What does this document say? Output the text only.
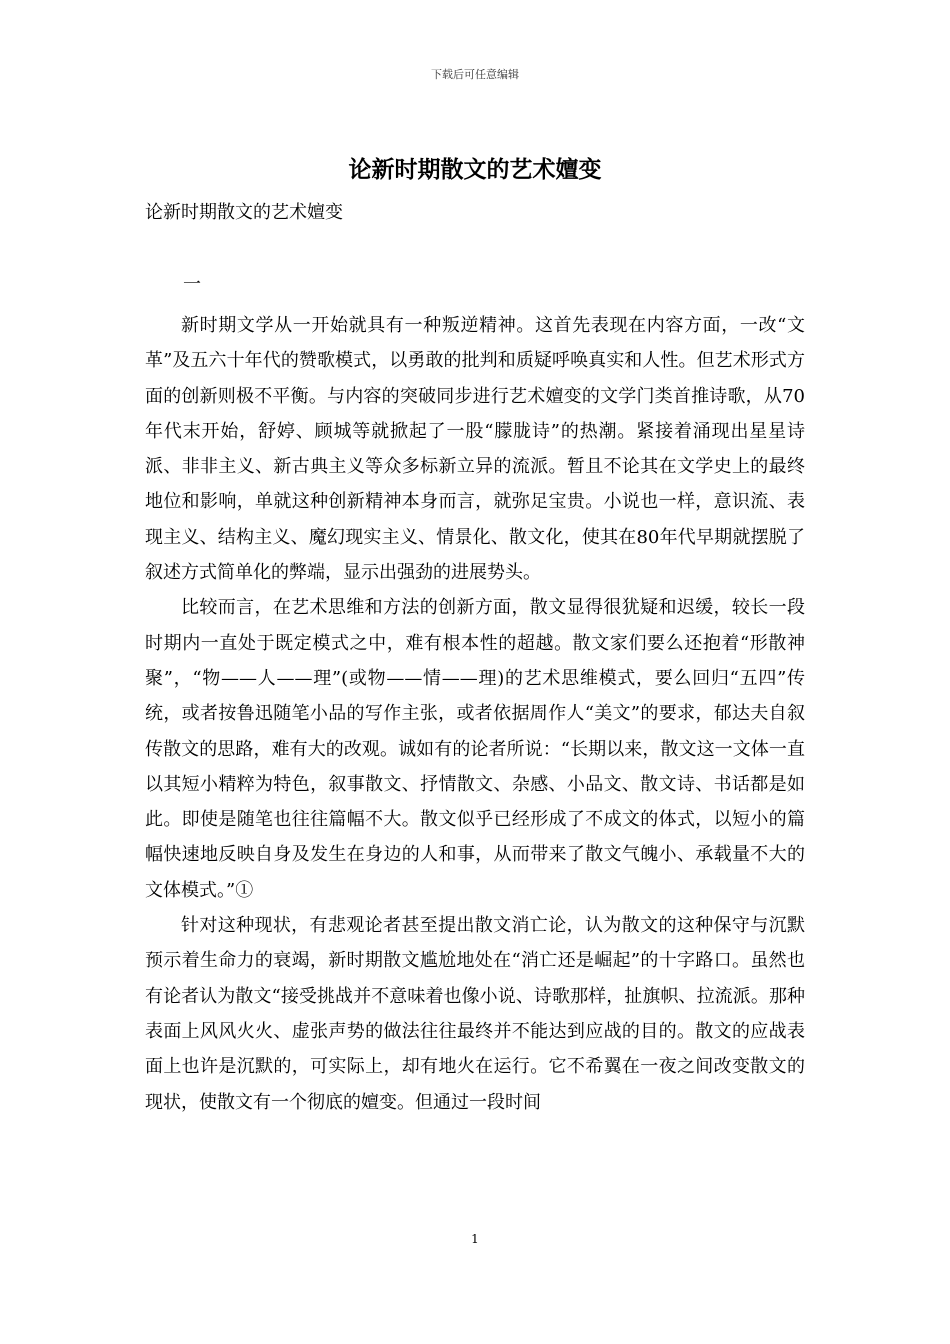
下载后可任意编辑
论新时期散文的艺术嬗变
论新时期散文的艺术嬗变
一

新时期文学从一开始就具有一种叛逆精神。这首先表现在内容方面，一改“文革”及五六十年代的赞歌模式，以勇敢的批判和质疑呼唤真实和人性。但艺术形式方面的创新则极不平衡。与内容的突破同步进行艺术嬗变的文学门类首推诗歌，从70年代末开始，舒婷、顾城等就掀起了一股“朦胧诗”的热潮。紧接着涌现出星星诗派、非非主义、新古典主义等众多标新立异的流派。暂且不论其在文学史上的最终地位和影响，单就这种创新精神本身而言，就弥足宝贵。小说也一样，意识流、表现主义、结构主义、魔幻现实主义、情景化、散文化，使其在80年代早期就摆脱了叙述方式简单化的弊端，显示出强劲的进展势头。

比较而言，在艺术思维和方法的创新方面，散文显得很犹疑和迟缓，较长一段时期内一直处于既定模式之中，难有根本性的超越。散文家们要么还抱着“形散神聚”，“物——人——理”(或物——情——理)的艺术思维模式，要么回归“五四”传统，或者按鲁迅随笔小品的写作主张，或者依据周作人“美文”的要求，郁达夫自叙传散文的思路，难有大的改观。诚如有的论者所说：“长期以来，散文这一文体一直以其短小精粹为特色，叙事散文、抒情散文、杂感、小品文、散文诗、书话都是如此。即使是随笔也往往篇幅不大。散文似乎已经形成了不成文的体式，以短小的篇幅快速地反映自身及发生在身边的人和事，从而带来了散文气魄小、承载量不大的文体模式。”①

针对这种现状，有悲观论者甚至提出散文消亡论，认为散文的这种保守与沉默预示着生命力的衰竭，新时期散文尴尬地处在“消亡还是崛起”的十字路口。虽然也有论者认为散文“接受挑战并不意味着也像小说、诗歌那样，扯旗帜、拉流派。那种表面上风风火火、虚张声势的做法往往最终并不能达到应战的目的。散文的应战表面上也许是沉默的，可实际上，却有地火在运行。它不希翼在一夜之间改变散文的现状，使散文有一个彻底的嬗变。但通过一段时间

1
